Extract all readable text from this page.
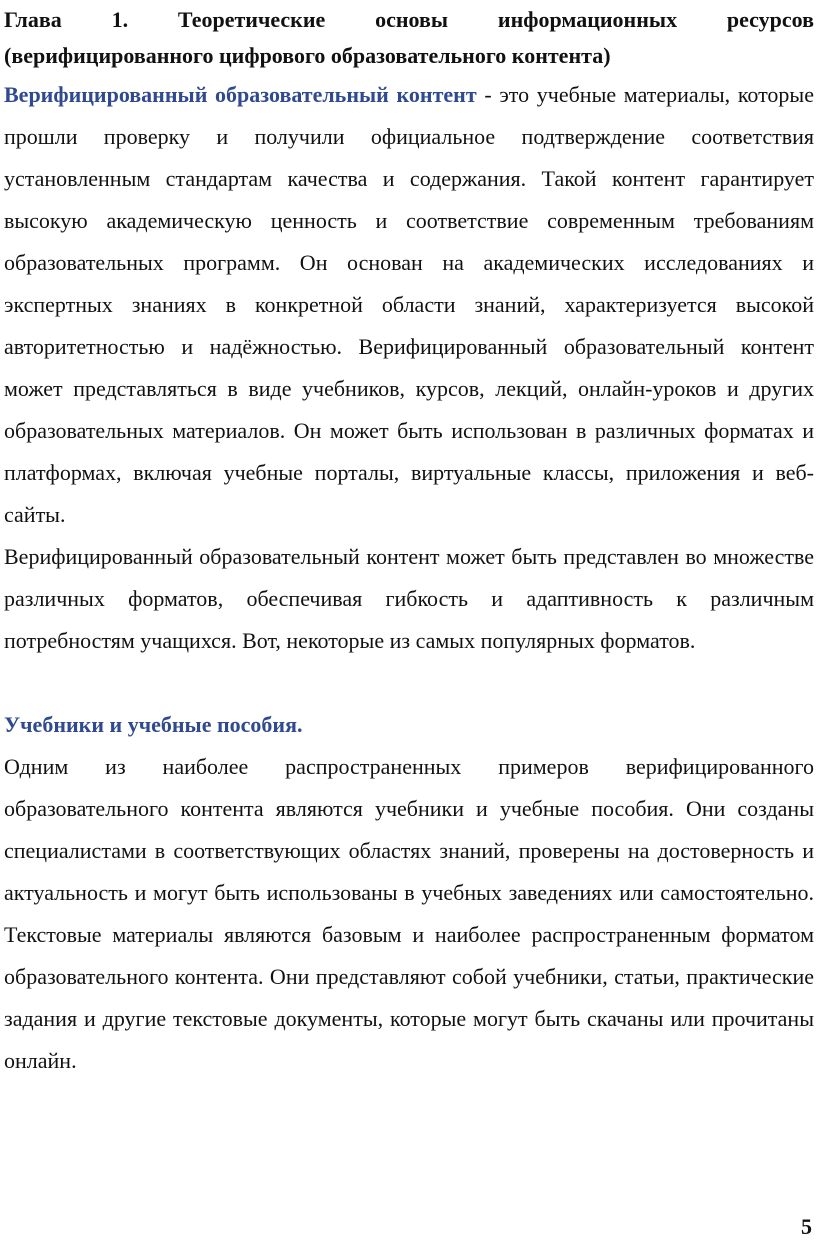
Глава 1. Теоретические основы информационных ресурсов
(верифицированного цифрового образовательного контента)

Верифицированный образовательный контент - это учебные материалы, которые прошли проверку и получили официальное подтверждение соответствия установленным стандартам качества и содержания. Такой контент гарантирует высокую академическую ценность и соответствие современным требованиям образовательных программ. Он основан на академических исследованиях и экспертных знаниях в конкретной области знаний, характеризуется высокой авторитетностью и надёжностью. Верифицированный образовательный контент может представляться в виде учебников, курсов, лекций, онлайн-уроков и других образовательных материалов. Он может быть использован в различных форматах и платформах, включая учебные порталы, виртуальные классы, приложения и веб-сайты.

Верифицированный образовательный контент может быть представлен во множестве различных форматов, обеспечивая гибкость и адаптивность к различным потребностям учащихся. Вот, некоторые из самых популярных форматов.

Учебники и учебные пособия.

Одним из наиболее распространенных примеров верифицированного образовательного контента являются учебники и учебные пособия. Они созданы специалистами в соответствующих областях знаний, проверены на достоверность и актуальность и могут быть использованы в учебных заведениях или самостоятельно. Текстовые материалы являются базовым и наиболее распространенным форматом образовательного контента. Они представляют собой учебники, статьи, практические задания и другие текстовые документы, которые могут быть скачаны или прочитаны онлайн.

5
